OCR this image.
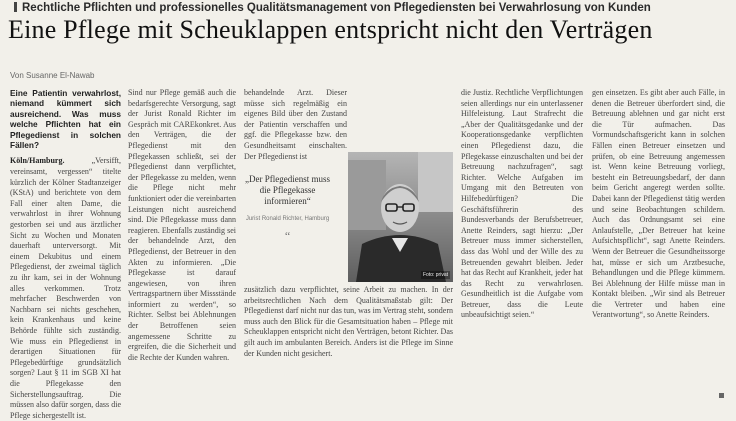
Rechtliche Pflichten und professionelles Qualitätsmanagement von Pflegediensten bei Verwahrlosung von Kunden
Eine Pflege mit Scheuklappen entspricht nicht den Verträgen
Von Susanne El-Nawab

Eine Patientin verwahrlost, niemand kümmert sich ausreichend. Was muss welche Pflichten hat ein Pflegedienst in solchen Fällen?

Köln/Hamburg.	„Versifft, vereinsamt, vergessen“ titelte kürzlich der Kölner Stadtanzeiger (KStA) und berichtete von dem Fall einer alten Dame, die verwahrlost in ihrer Wohnung gestorben sei und aus ärztlicher Sicht zu Wochen und Monaten dauerhaft unterversorgt. Mit einem Dekubitus und einem Pflegedienst, der zweimal täglich zu ihr kam, sei in der Wohnung alles verkommen. Trotz mehrfacher Beschwerden von Nachbarn sei nichts geschehen, kein Krankenhaus und keine Behörde fühlte sich zuständig. Wie muss ein Pflegedienst in derartigen Situationen für Pflegebedürftige grundsätzlich sorgen? Laut § 11 im SGB XI hat die Pflegekasse den Sicherstellungsauftrag. Die müssen also dafür sorgen, dass die Pflege sichergestellt ist.

Sind nur Pflege gemäß auch die bedarfsgerechte Versorgung, sagt der Jurist Ronald Richter im Gespräch mit CAREkonkret. Aus den Verträgen, die der Pflegedienst mit den Pflegekassen schließt, sei der Pflegedienst dann verpflichtet, der Pflegekasse zu melden, wenn die Pflege nicht mehr funktioniert oder die vereinbarten Leistungen nicht ausreichend sind. Die Pflegekasse muss dann reagieren. Ebenfalls zuständig sei der behandelnde Arzt, den Pflegedienst, der Betreuer in den Akten zu informieren. „Die Pflegekasse ist darauf angewiesen, von ihren Vertragspartnern über Missstände informiert zu werden“, so Richter. Selbst bei Ablehnungen der Betroffenen seien angemessene Schritte zu ergreifen, die die Sicherheit und die Rechte der Kunden wahren.

„Der Pflegedienst muss die Pflegekasse informieren“
Jurist Ronald Richter, Hamburg
“

behandelnde Arzt. Dieser müsse sich regelmäßig ein eigenes Bild über den Zustand der Patientin verschaffen und ggf. die Pflegekasse bzw. den Gesundheitsamt einschalten. Der Pflegedienst ist

Foto: privat

zusätzlich dazu verpflichtet, seine Arbeit zu machen. In der arbeitsrechtlichen Nach dem Qualitätsmaßstab gilt: Der Pflegedienst darf nicht nur das tun, was im Vertrag steht, sondern muss auch den Blick für die Gesamtsituation haben – Pflege mit Scheuklappen entspricht nicht den Verträgen, betont Richter. Das gilt auch im ambulanten Bereich. Anders ist die Pflege im Sinne der Kunden nicht gesichert.

die Justiz. Rechtliche Verpflichtungen seien allerdings nur ein unterlassener Hilfeleistung. Laut Strafrecht die „Aber der Qualitätsgedanke und der Kooperationsgedanke verpflichten einen Pflegedienst dazu, die Pflegekasse einzuschalten und bei der Betreuung nachzufragen“, sagt Richter. Welche Aufgaben im Umgang mit den Betreuten von Hilfebedürftigen? Die Geschäftsführerin des Bundesverbands der Berufsbetreuer, Anette Reinders, sagt hierzu: „Der Betreuer muss immer sicherstellen, dass das Wohl und der Wille des zu Betreuenden gewahrt bleiben. Jeder hat das Recht auf Krankheit, jeder hat das Recht zu verwahrlosen. Gesundheitlich ist die Aufgabe vom Betreuer, dass die Leute unbeaufsichtigt seien.“

gen einsetzen. Es gibt aber auch Fälle, in denen die Betreuer überfordert sind, die Betreuung ablehnen und gar nicht erst die Tür aufmachen. Das Vormundschaftsgericht kann in solchen Fällen einen Betreuer einsetzen und prüfen, ob eine Betreuung angemessen ist. Wenn keine Betreuung vorliegt, besteht ein Betreuungsbedarf, der dann beim Gericht angeregt werden sollte. Dabei kann der Pflegedienst tätig werden und seine Beobachtungen schildern. Auch das Ordnungsamt sei eine Anlaufstelle, „Der Betreuer hat keine Aufsichtspflicht“, sagt Anette Reinders. Wenn der Betreuer die Gesundheitssorge hat, müsse er sich um Arztbesuche, Behandlungen und die Pflege kümmern. Bei Ablehnung der Hilfe müsse man in Kontakt bleiben. „Wir sind als Betreuer die Vertreter und haben eine Verantwortung“, so Anette Reinders.
